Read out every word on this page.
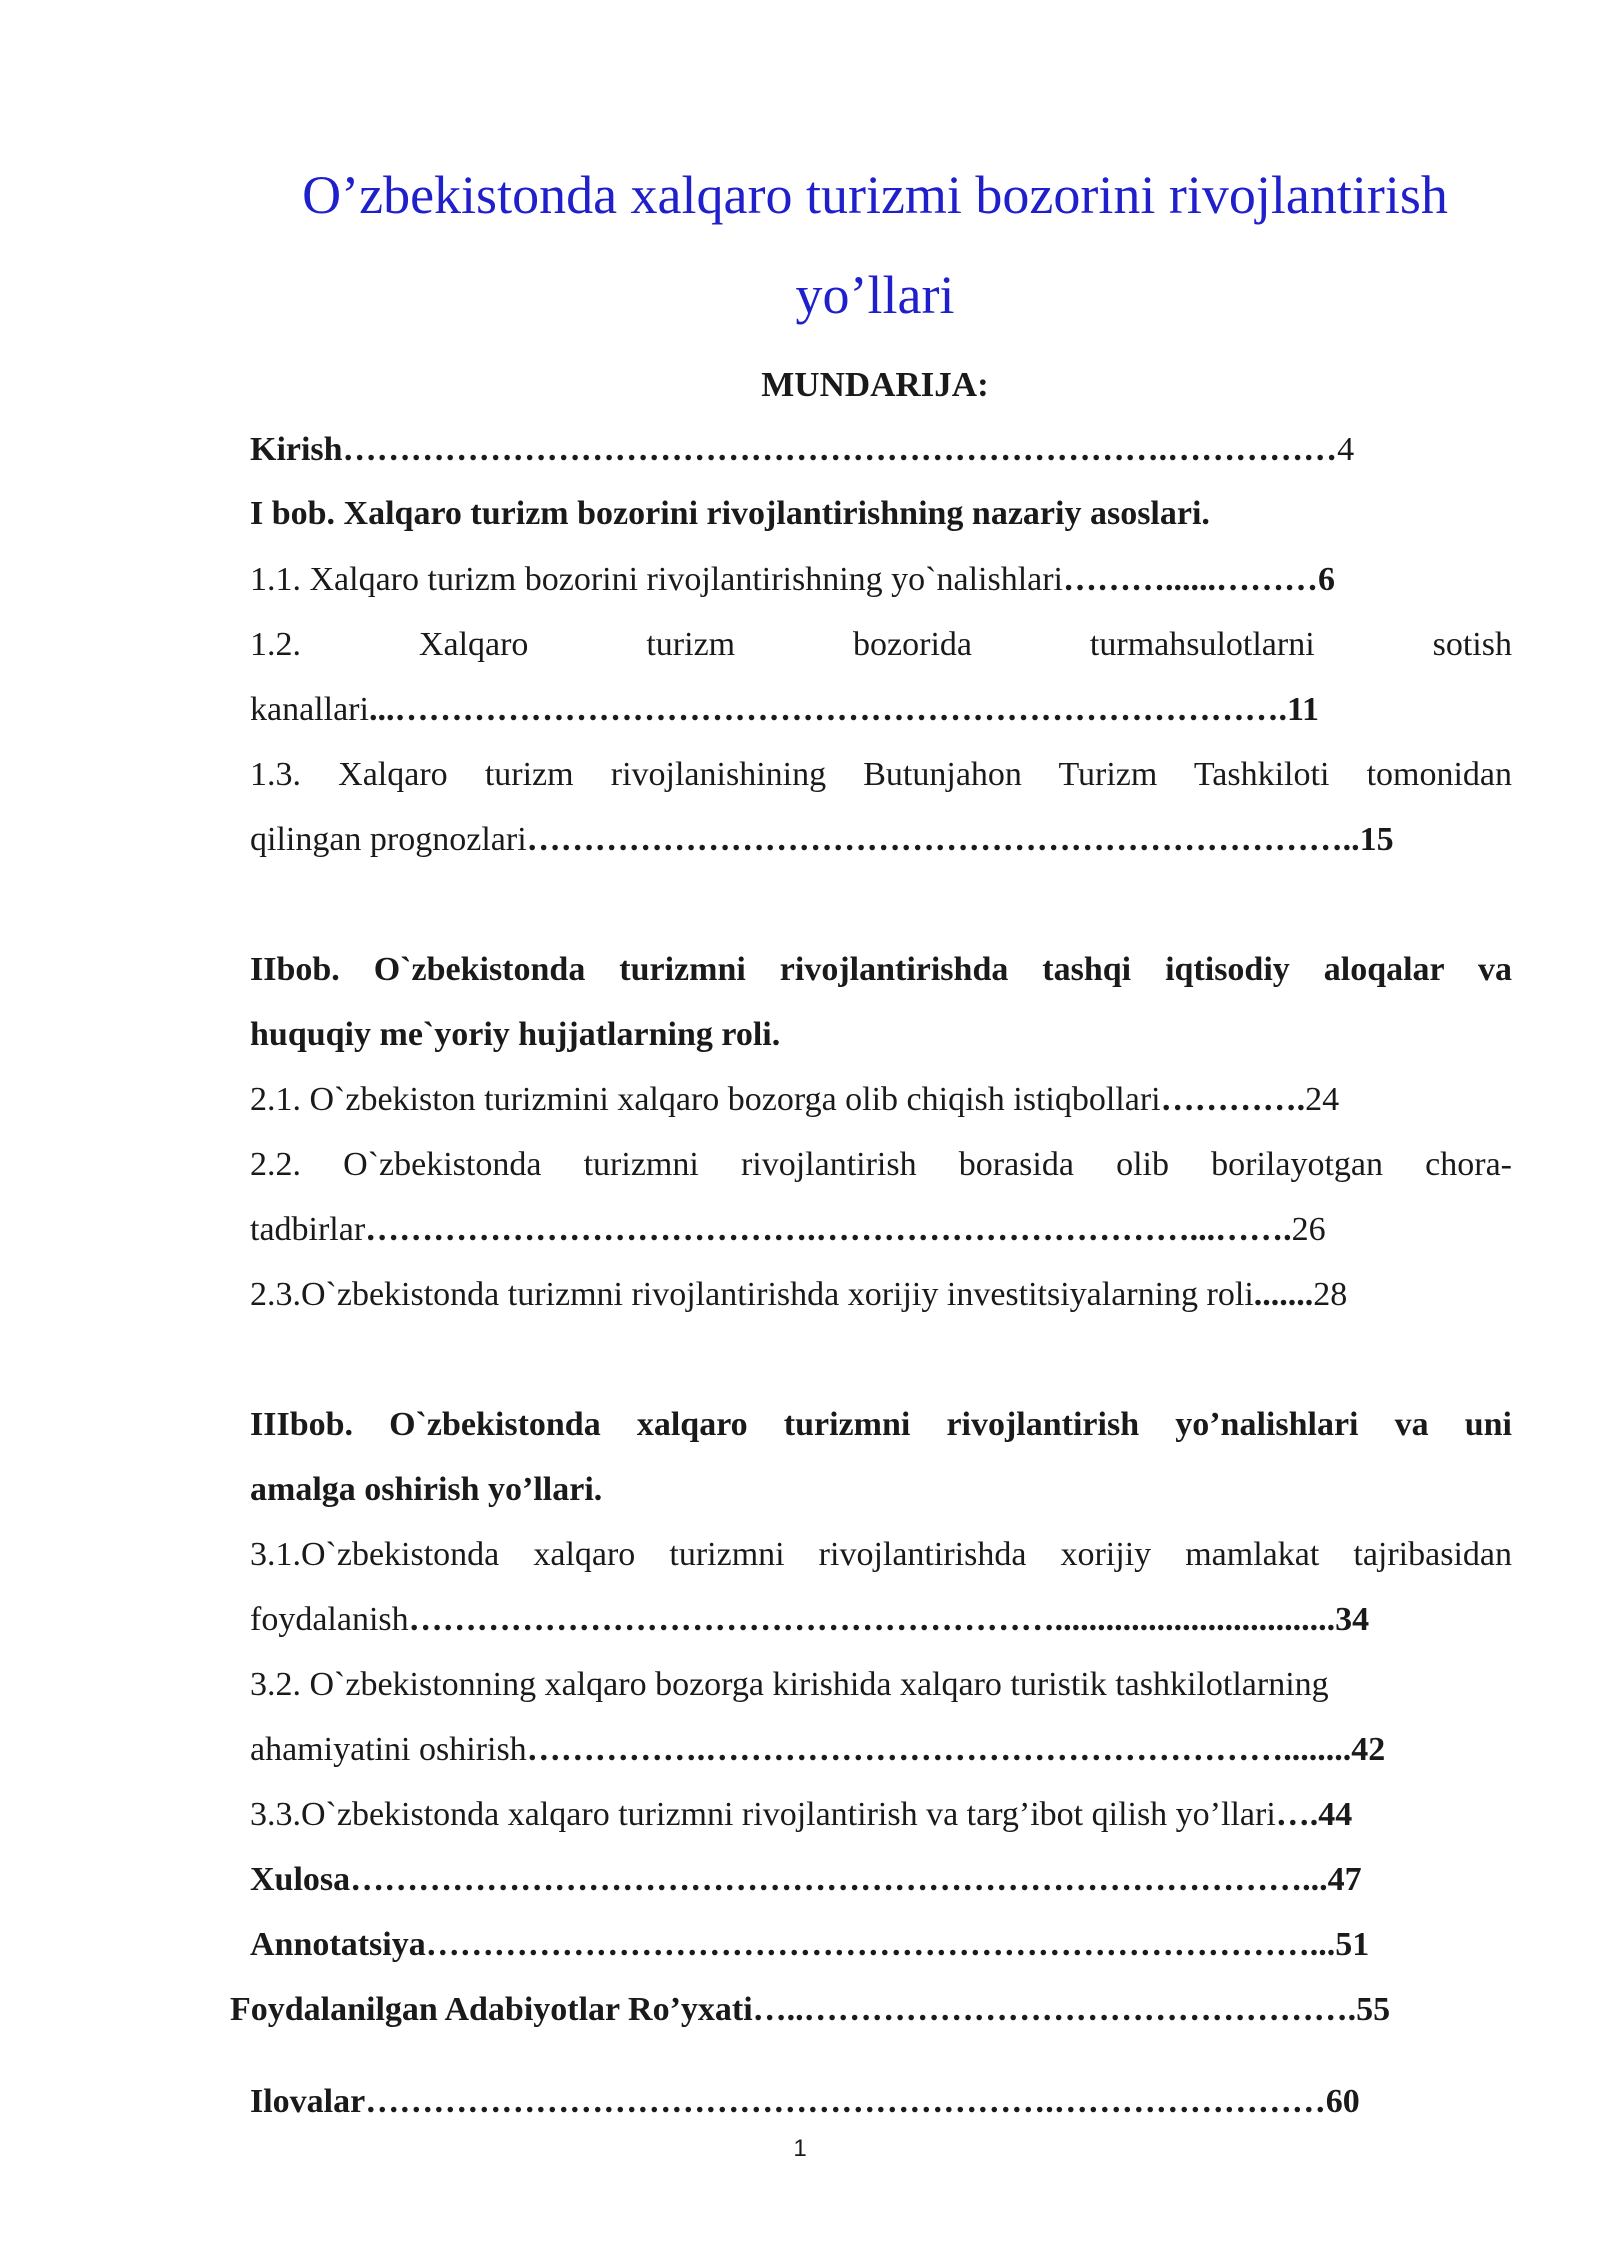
O’zbekistonda xalqaro turizmi bozorini rivojlantirish
yo’llari
MUNDARIJA:
Kirish……………………………………………………………….……………4
I bob. Xalqaro turizm bozorini rivojlantirishning nazariy asoslari.
1.1. Xalqaro turizm bozorini rivojlantirishning yo`nalishlari………......………6
1.2.	Xalqaro	turizm	bozorida	turmahsulotlarni	sotish
kanallari...…………………………………………………………………….11
1.3. Xalqaro turizm rivojlanishining Butunjahon Turizm Tashkiloti tomonidan
qilingan prognozlari………………………………………………………………..15
IIbob. O`zbekistonda turizmni rivojlantirishda tashqi iqtisodiy aloqalar va
huquqiy me`yoriy hujjatlarning roli.
2.1. O`zbekiston turizmini xalqaro bozorga olib chiqish istiqbollari………….24
2.2. O`zbekistonda turizmni rivojlantirish borasida olib borilayotgan chora-
tadbirlar………………………………….……………………………...…….26
2.3.O`zbekistonda turizmni rivojlantirishda xorijiy investitsiyalarning roli.......28
IIIbob. O`zbekistonda xalqaro turizmni rivojlantirish yo’nalishlari va uni
amalga oshirish yo’llari.
3.1.O`zbekistonda xalqaro turizmni rivojlantirishda xorijiy mamlakat tajribasidan
foydalanish………………………………………………….................................34
3.2. O`zbekistonning xalqaro bozorga kirishida xalqaro turistik tashkilotlarning
ahamiyatini oshirish…………….……………………………………………........42
3.3.O`zbekistonda xalqaro turizmni rivojlantirish va targ’ibot qilish yo’llari….44
Xulosa…………………………………………………………………………...47
Annotatsiya……………………………………………………………………...51
Foydalanilgan Adabiyotlar Ro’yxati…..………………………………………….55
Ilovalar…………………………………………………….……………………60
1
